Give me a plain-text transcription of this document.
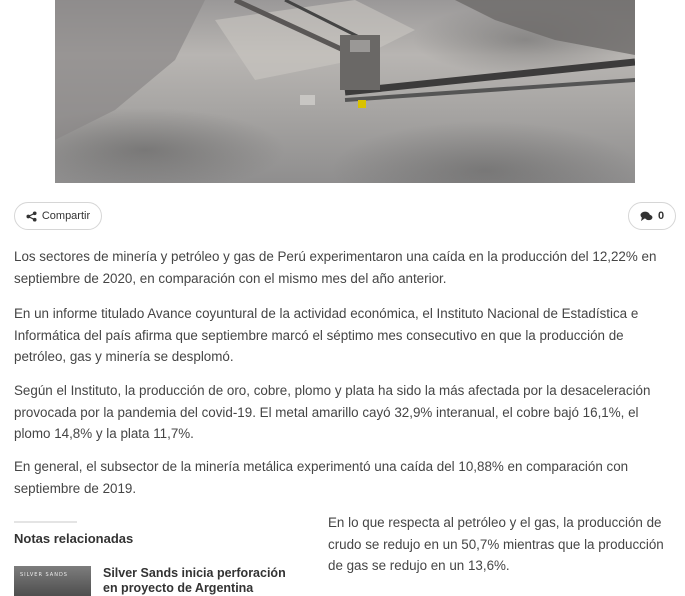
Compartir	0

Los sectores de minería y petróleo y gas de Perú experimentaron una caída en la producción del 12,22% en septiembre de 2020, en comparación con el mismo mes del año anterior.

En un informe titulado Avance coyuntural de la actividad económica, el Instituto Nacional de Estadística e Informática del país afirma que septiembre marcó el séptimo mes consecutivo en que la producción de petróleo, gas y minería se desplomó.

Según el Instituto, la producción de oro, cobre, plomo y plata ha sido la más afectada por la desaceleración provocada por la pandemia del covid-19. El metal amarillo cayó 32,9% interanual, el cobre bajó 16,1%, el plomo 14,8% y la plata 11,7%.

En general, el subsector de la minería metálica experimentó una caída del 10,88% en comparación con septiembre de 2019.

Notas relacionadas
SILVER SANDS	Silver Sands inicia perforación en proyecto de Argentina

En lo que respecta al petróleo y el gas, la producción de crudo se redujo en un 50,7% mientras que la producción de gas se redujo en un 13,6%.
